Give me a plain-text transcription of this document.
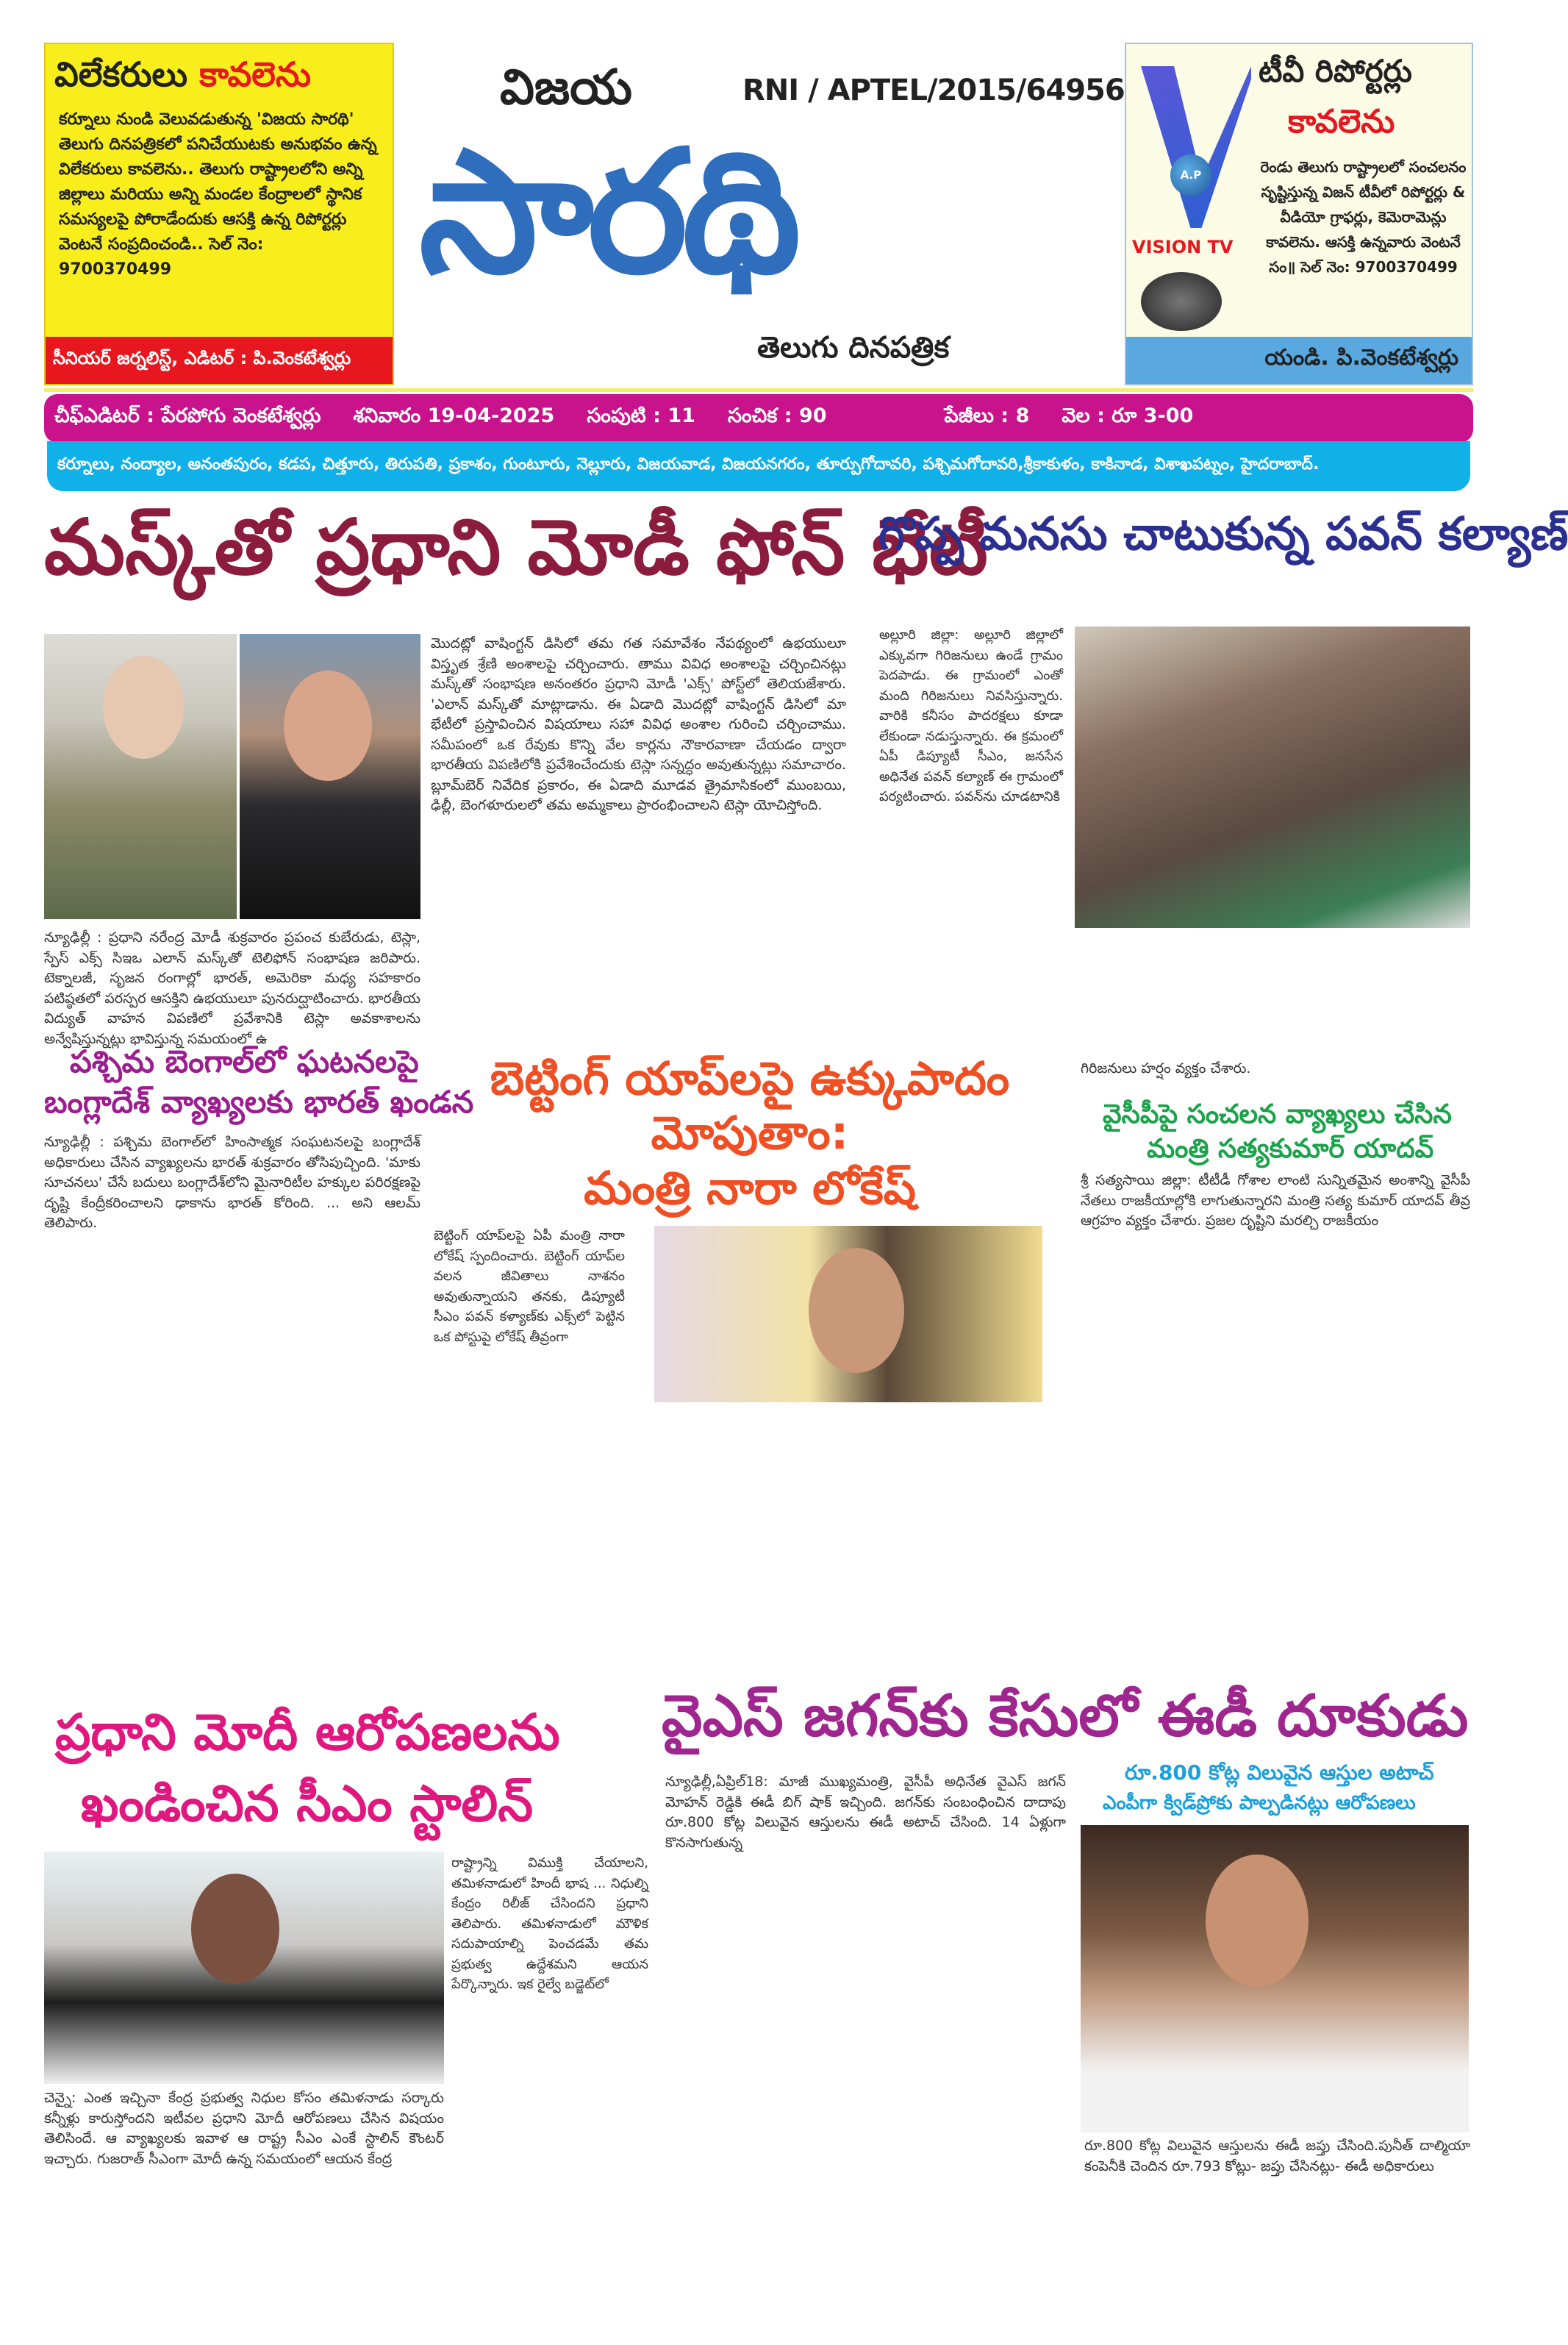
విలేకరులు కావలెను
కర్నూలు నుండి వెలువడుతున్న 'విజయ సారథి' తెలుగు దినపత్రికలో పనిచేయుటకు అనుభవం ఉన్న విలేకరులు కావలెను.. తెలుగు రాష్ట్రాలలోని అన్ని జిల్లాలు మరియు అన్ని మండల కేంద్రాలలో స్థానిక సమస్యలపై పోరాడేందుకు ఆసక్తి ఉన్న రిపోర్టర్లు వెంటనే సంప్రదించండి.. సెల్ నెం: 9700370499
సీనియర్ జర్నలిస్ట్, ఎడిటర్ : పి.వెంకటేశ్వర్లు
విజయ	RNI / APTEL/2015/64956
సారథి
తెలుగు దినపత్రిక
A.P
VISION TV
టీవీ రిపోర్టర్లు
కావలెను
రెండు తెలుగు రాష్ట్రాలలో సంచలనం సృష్టిస్తున్న విజన్ టీవీలో రిపోర్టర్లు & వీడియో గ్రాఫర్లు, కెమెరామెన్లు కావలెను. ఆసక్తి ఉన్నవారు వెంటనే సం॥ సెల్ నెం: 9700370499
యండి. పి.వెంకటేశ్వర్లు
చీఫ్ఎడిటర్ : పేరపోగు వెంకటేశ్వర్లు శనివారం 19-04-2025 సంపుటి : 11 సంచిక : 90	పేజీలు : 8 వెల : రూ 3-00
కర్నూలు, నంద్యాల, అనంతపురం, కడప, చిత్తూరు, తిరుపతి, ప్రకాశం, గుంటూరు, నెల్లూరు, విజయవాడ, విజయనగరం, తూర్పుగోదావరి, పశ్చిమగోదావరి,శ్రీకాకుళం, కాకినాడ, విశాఖపట్నం, హైదరాబాద్.
మస్క్‌తో ప్రధాని మోడీ ఫోన్ భేటీ
మొదట్లో వాషింగ్టన్ డిసిలో తమ గత సమావేశం నేపథ్యంలో ఉభయులూ విస్తృత శ్రేణి అంశాలపై చర్చించారు. తాము వివిధ అంశాలపై చర్చించినట్లు మస్క్‌తో సంభాషణ అనంతరం ప్రధాని మోడీ 'ఎక్స్' పోస్ట్‌లో తెలియజేశారు. 'ఎలాన్ మస్క్‌తో మాట్లాడాను. ఈ ఏడాది మొదట్లో వాషింగ్టన్ డిసిలో మా భేటీలో ప్రస్తావించిన విషయాలు సహా వివిధ అంశాల గురించి చర్చించాము. సమీపంలో ఒక రేవుకు కొన్ని వేల కార్లను నౌకారవాణా చేయడం ద్వారా భారతీయ విపణిలోకి ప్రవేశించేందుకు టెస్లా సన్నద్ధం అవుతున్నట్లు సమాచారం. బ్లూమ్‌బెర్ నివేదిక ప్రకారం, ఈ ఏడాది మూడవ త్రైమాసికంలో ముంబయి, ఢిల్లీ, బెంగళూరులలో తమ అమ్మకాలు ప్రారంభించాలని టెస్లా యోచిస్తోంది.
న్యూఢిల్లీ : ప్రధాని నరేంద్ర మోడీ శుక్రవారం ప్రపంచ కుబేరుడు, టెస్లా, స్పేస్ ఎక్స్ సిఇఒ ఎలాన్ మస్క్‌తో టెలిఫోన్ సంభాషణ జరిపారు. టెక్నాలజీ, సృజన రంగాల్లో భారత్, అమెరికా మధ్య సహకారం పటిష్ఠతలో పరస్పర ఆసక్తిని ఉభయులూ పునరుద్ఘాటించారు. భారతీయ విద్యుత్ వాహన విపణిలో ప్రవేశానికి టెస్లా అవకాశాలను అన్వేషిస్తున్నట్లు భావిస్తున్న సమయంలో ఉ
పశ్చిమ బెంగాల్‌లో ఘటనలపై
బంగ్లాదేశ్ వ్యాఖ్యలకు భారత్ ఖండన
న్యూఢిల్లీ : పశ్చిమ బెంగాల్‌లో హింసాత్మక సంఘటనలపై బంగ్లాదేశ్ అధికారులు చేసిన వ్యాఖ్యలను భారత్ శుక్రవారం తోసిపుచ్చింది. 'మాకు సూచనలు' చేసే బదులు బంగ్లాదేశ్‌లోని మైనారిటీల హక్కుల పరిరక్షణపై దృష్టి కేంద్రీకరించాలని ఢాకాను భారత్ కోరింది. ... అని ఆలమ్ తెలిపారు.
గొప్ప మనసు చాటుకున్న పవన్ కల్యాణ్
అల్లూరి జిల్లా: అల్లూరి జిల్లాలో ఎక్కువగా గిరిజనులు ఉండే గ్రామం పెదపాడు. ఈ గ్రామంలో ఎంతో మంది గిరిజనులు నివసిస్తున్నారు. వారికి కనీసం పాదరక్షలు కూడా లేకుండా నడుస్తున్నారు. ఈ క్రమంలో ఏపీ డిప్యూటీ సీఎం, జనసేన అధినేత పవన్ కల్యాణ్ ఈ గ్రామంలో పర్యటించారు. పవన్‌ను చూడటానికి
గిరిజనులు హర్షం వ్యక్తం చేశారు.
బెట్టింగ్ యాప్‌లపై ఉక్కుపాదం మోపుతాం:
మంత్రి నారా లోకేష్
బెట్టింగ్ యాప్‌లపై ఏపీ మంత్రి నారా లోకేష్ స్పందించారు. బెట్టింగ్ యాప్‌ల వలన జీవితాలు నాశనం అవుతున్నాయని తనకు, డిప్యూటీ సీఎం పవన్ కళ్యాణ్‌కు ఎక్స్‌లో పెట్టిన ఒక పోస్టుపై లోకేష్ తీవ్రంగా
వైసీపీపై సంచలన వ్యాఖ్యలు చేసిన
మంత్రి సత్యకుమార్ యాదవ్
శ్రీ సత్యసాయి జిల్లా: టీటీడీ గోశాల లాంటి సున్నితమైన అంశాన్ని వైసీపీ నేతలు రాజకీయాల్లోకి లాగుతున్నారని మంత్రి సత్య కుమార్ యాదవ్ తీవ్ర ఆగ్రహం వ్యక్తం చేశారు. ప్రజల దృష్టిని మరల్చి రాజకీయం
ప్రధాని మోదీ ఆరోపణలను
ఖండించిన సీఎం స్టాలిన్
రాష్ట్రాన్ని విముక్తి చేయాలని, తమిళనాడులో హిందీ భాష ... నిధుల్ని కేంద్రం రిలీజ్ చేసిందని ప్రధాని తెలిపారు. తమిళనాడులో మౌళిక సదుపాయాల్ని పెంచడమే తమ ప్రభుత్వ ఉద్దేశమని ఆయన పేర్కొన్నారు. ఇక రైల్వే బడ్జెట్‌లో
చెన్నై: ఎంత ఇచ్చినా కేంద్ర ప్రభుత్వ నిధుల కోసం తమిళనాడు సర్కారు కన్నీళ్లు కారుస్తోందని ఇటీవల ప్రధాని మోదీ ఆరోపణలు చేసిన విషయం తెలిసిందే. ఆ వ్యాఖ్యలకు ఇవాళ ఆ రాష్ట్ర సీఎం ఎంకే స్టాలిన్ కౌంటర్ ఇచ్చారు. గుజరాత్ సీఎంగా మోదీ ఉన్న సమయంలో ఆయన కేంద్ర
వైఎస్ జగన్‌కు కేసులో ఈడీ దూకుడు
న్యూఢిల్లీ,ఏప్రిల్18: మాజీ ముఖ్యమంత్రి, వైసీపీ అధినేత వైఎస్ జగన్ మోహన్ రెడ్డికి ఈడీ బిగ్ షాక్ ఇచ్చింది. జగన్‌కు సంబంధించిన దాదాపు రూ.800 కోట్ల విలువైన ఆస్తులను ఈడీ అటాచ్ చేసింది. 14 ఏళ్లుగా కొనసాగుతున్న
రూ.800 కోట్ల విలువైన ఆస్తుల అటాచ్
ఎంపీగా క్విడ్‌ప్రోకు పాల్పడినట్లు ఆరోపణలు
రూ.800 కోట్ల విలువైన ఆస్తులను ఈడీ జప్తు చేసింది.పునీత్ దాల్మియా కంపెనీకి చెందిన రూ.793 కోట్లు- జప్తు చేసినట్లు- ఈడీ అధికారులు
